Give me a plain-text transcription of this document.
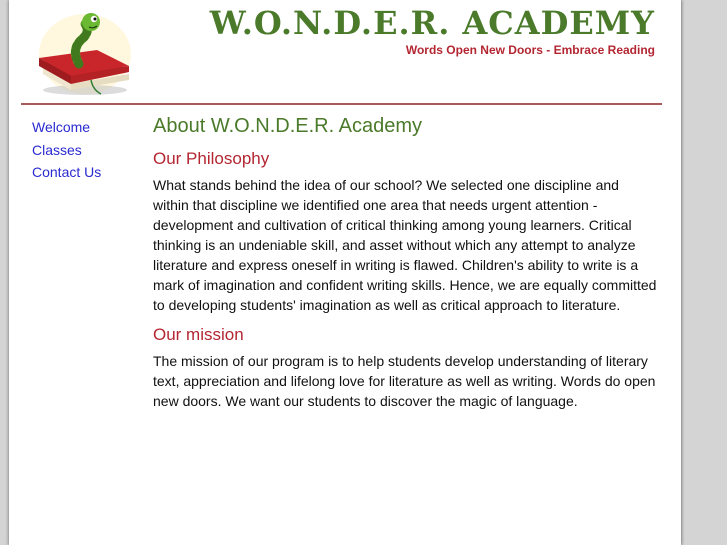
W.O.N.D.E.R. ACADEMY

Words Open New Doors - Embrace Reading

Welcome
Classes
Contact Us
About W.O.N.D.E.R. Academy
Our Philosophy

What stands behind the idea of our school? We selected one discipline and within that discipline we identified one area that needs urgent attention - development and cultivation of critical thinking among young learners. Critical thinking is an undeniable skill, and asset without which any attempt to analyze literature and express oneself in writing is flawed. Children's ability to write is a mark of imagination and confident writing skills. Hence, we are equally committed to developing students' imagination as well as critical approach to literature.

Our mission

The mission of our program is to help students develop understanding of literary text, appreciation and lifelong love for literature as well as writing. Words do open new doors. We want our students to discover the magic of language.
